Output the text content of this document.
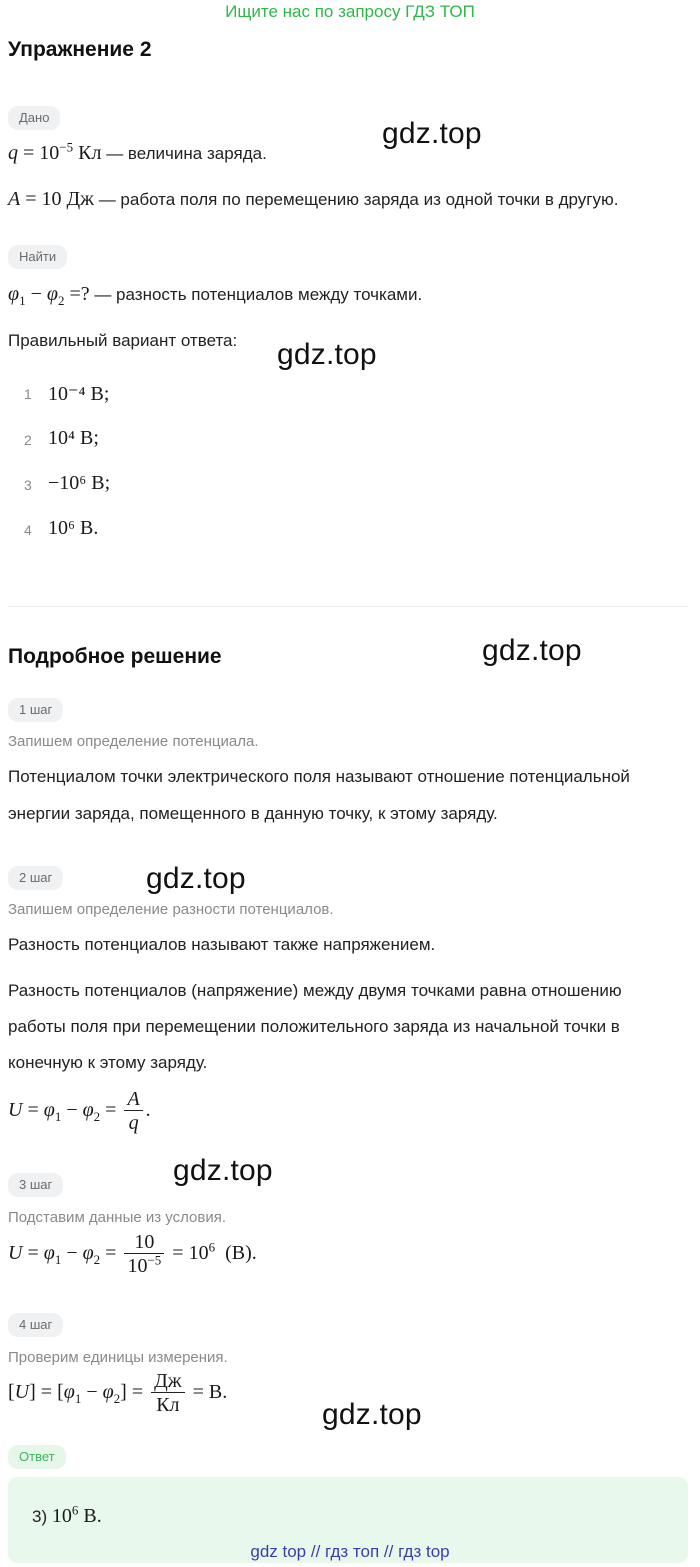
Ищите нас по запросу ГДЗ ТОП
Упражнение 2
Дано	gdz.top
$q = 10^{-5}$ Кл — величина заряда.
A = 10 Дж — работа поля по перемещению заряда из одной точки в другую.
Найти
$\varphi_1 - \varphi_2$ =? — разность потенциалов между точками.
Правильный вариант ответа: gdz.top
1 10⁻⁴ В;
2 10⁴ В;
3 −10⁶ В;
4 10⁶ В.
Подробное решение	gdz.top
1 шаг
Запишем определение потенциала.
Потенциалом точки электрического поля называют отношение потенциальной
энергии заряда, помещенного в данную точку, к этому заряду.
2 шаг	gdz.top
Запишем определение разности потенциалов.
Разность потенциалов называют также напряжением.
Разность потенциалов (напряжение) между двумя точками равна отношению
работы поля при перемещении положительного заряда из начальной точки в
конечную к этому заряду.
$U = \varphi_1 - \varphi_2 = \frac{A}{q}$ .
3 шаг	gdz.top
Подставим данные из условия.
$U = \varphi_1 - \varphi_2 = \frac{10}{10^{-5}} = 10^6$  (В).
4 шаг
Проверим единицы измерения.
$[U] = [\varphi_1 - \varphi_2] = \frac{Дж}{Кл} = В$.
gdz.top
Ответ
3) $10^6$ В.
gdz top // гдз топ // гдз top
